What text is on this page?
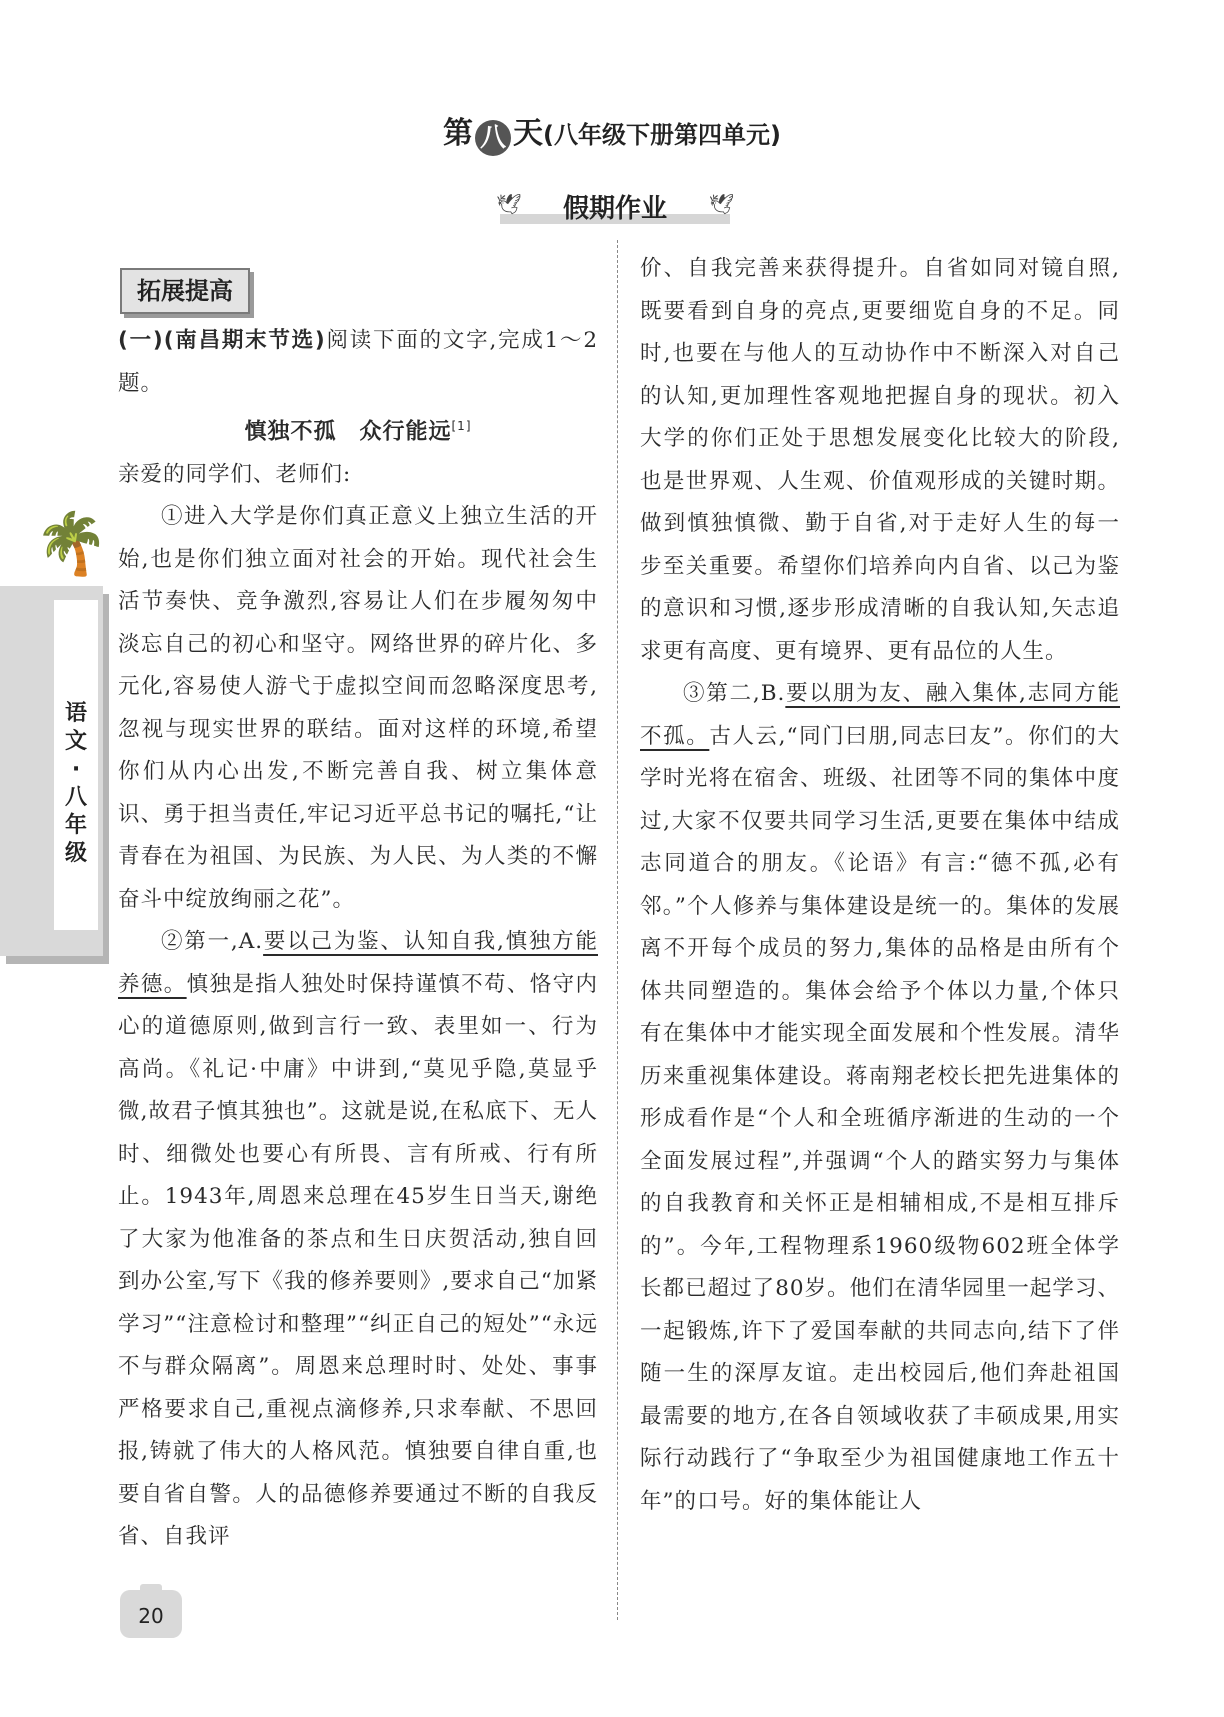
第 八 天(八年级下册第四单元)
🕊	假期作业	🕊
拓展提高
🌴
语文·八年级

(一)(南昌期末节选)阅读下面的文字,完成1～2题。

慎独不孤　众行能远[1]

亲爱的同学们、老师们:

①进入大学是你们真正意义上独立生活的开始,也是你们独立面对社会的开始。现代社会生活节奏快、竞争激烈,容易让人们在步履匆匆中淡忘自己的初心和坚守。网络世界的碎片化、多元化,容易使人游弋于虚拟空间而忽略深度思考,忽视与现实世界的联结。面对这样的环境,希望你们从内心出发,不断完善自我、树立集体意识、勇于担当责任,牢记习近平总书记的嘱托,“让青春在为祖国、为民族、为人民、为人类的不懈奋斗中绽放绚丽之花”。

②第一,A.要以己为鉴、认知自我,慎独方能养德。慎独是指人独处时保持谨慎不苟、恪守内心的道德原则,做到言行一致、表里如一、行为高尚。《礼记·中庸》中讲到,“莫见乎隐,莫显乎微,故君子慎其独也”。这就是说,在私底下、无人时、细微处也要心有所畏、言有所戒、行有所止。1943年,周恩来总理在45岁生日当天,谢绝了大家为他准备的茶点和生日庆贺活动,独自回到办公室,写下《我的修养要则》,要求自己“加紧学习”“注意检讨和整理”“纠正自己的短处”“永远不与群众隔离”。周恩来总理时时、处处、事事严格要求自己,重视点滴修养,只求奉献、不思回报,铸就了伟大的人格风范。慎独要自律自重,也要自省自警。人的品德修养要通过不断的自我反省、自我评

价、自我完善来获得提升。自省如同对镜自照,既要看到自身的亮点,更要细览自身的不足。同时,也要在与他人的互动协作中不断深入对自己的认知,更加理性客观地把握自身的现状。初入大学的你们正处于思想发展变化比较大的阶段,也是世界观、人生观、价值观形成的关键时期。做到慎独慎微、勤于自省,对于走好人生的每一步至关重要。希望你们培养向内自省、以己为鉴的意识和习惯,逐步形成清晰的自我认知,矢志追求更有高度、更有境界、更有品位的人生。

③第二,B.要以朋为友、融入集体,志同方能不孤。古人云,“同门曰朋,同志曰友”。你们的大学时光将在宿舍、班级、社团等不同的集体中度过,大家不仅要共同学习生活,更要在集体中结成志同道合的朋友。《论语》有言:“德不孤,必有邻。”个人修养与集体建设是统一的。集体的发展离不开每个成员的努力,集体的品格是由所有个体共同塑造的。集体会给予个体以力量,个体只有在集体中才能实现全面发展和个性发展。清华历来重视集体建设。蒋南翔老校长把先进集体的形成看作是“个人和全班循序渐进的生动的一个全面发展过程”,并强调“个人的踏实努力与集体的自我教育和关怀正是相辅相成,不是相互排斥的”。今年,工程物理系1960级物602班全体学长都已超过了80岁。他们在清华园里一起学习、一起锻炼,许下了爱国奉献的共同志向,结下了伴随一生的深厚友谊。走出校园后,他们奔赴祖国最需要的地方,在各自领域收获了丰硕成果,用实际行动践行了“争取至少为祖国健康地工作五十年”的口号。好的集体能让人

20
